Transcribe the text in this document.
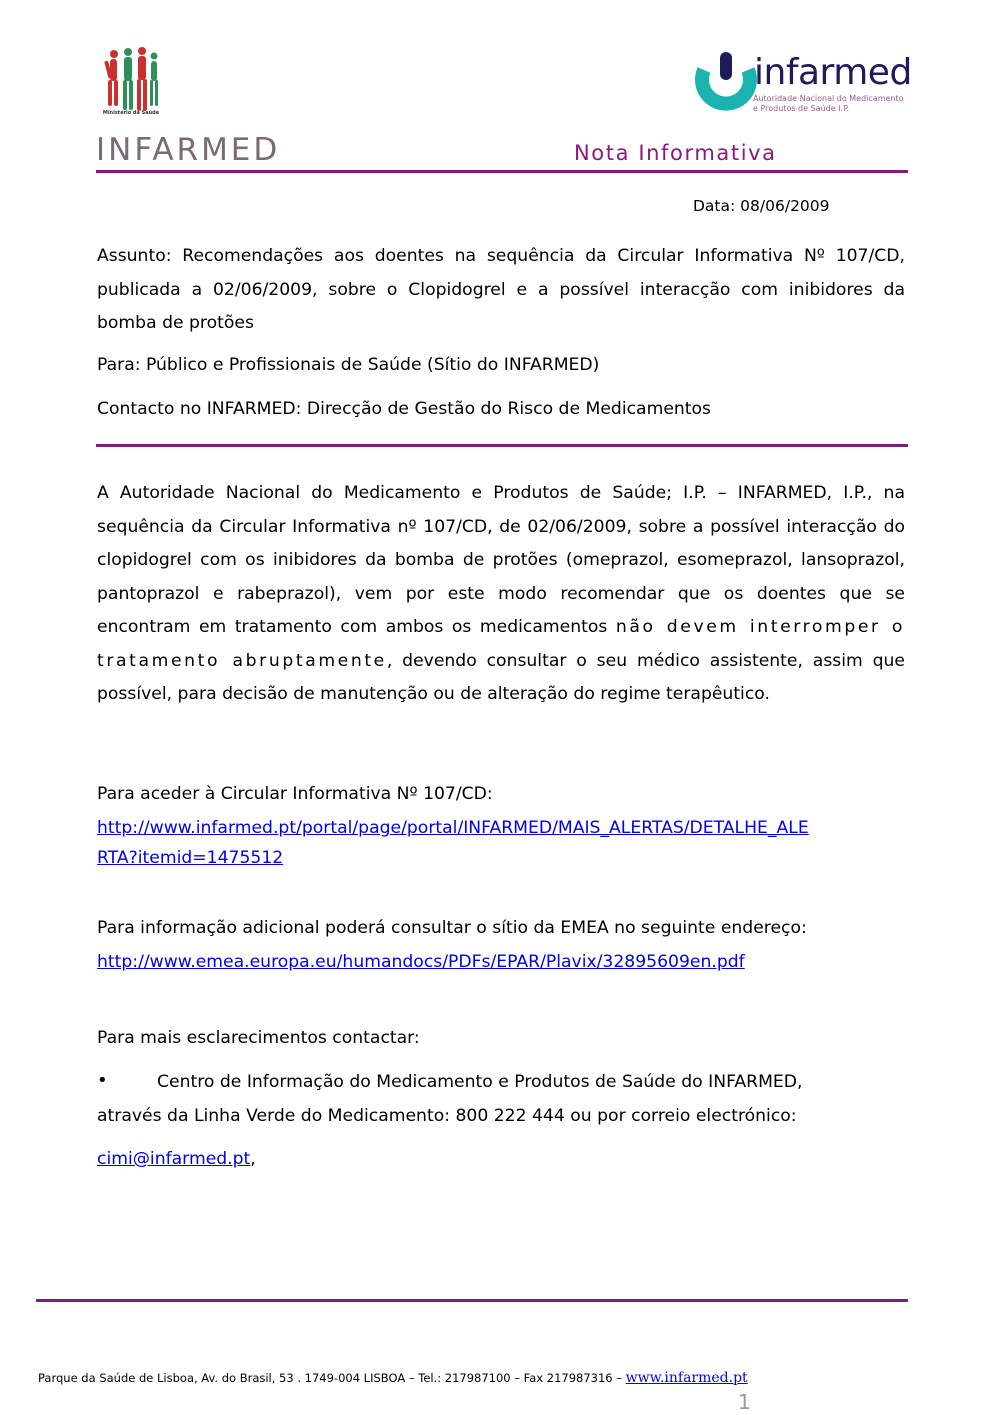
Ministério da Saúde
infarmed
Autoridade Nacional do Medicamento
e Produtos de Saúde I.P.
INFARMED	Nota Informativa
Data: 08/06/2009
Assunto: Recomendações aos doentes na sequência da Circular Informativa Nº 107/CD, publicada a 02/06/2009, sobre o Clopidogrel e a possível interacção com inibidores da bomba de protões
Para: Público e Profissionais de Saúde (Sítio do INFARMED)
Contacto no INFARMED: Direcção de Gestão do Risco de Medicamentos

A Autoridade Nacional do Medicamento e Produtos de Saúde; I.P. – INFARMED, I.P., na sequência da Circular Informativa nº 107/CD, de 02/06/2009, sobre a possível interacção do clopidogrel com os inibidores da bomba de protões (omeprazol, esomeprazol, lansoprazol, pantoprazol e rabeprazol), vem por este modo recomendar que os doentes que se encontram em tratamento com ambos os medicamentos não devem interromper o tratamento abruptamente, devendo consultar o seu médico assistente, assim que possível, para decisão de manutenção ou de alteração do regime terapêutico.

Para aceder à Circular Informativa Nº 107/CD:
http://www.infarmed.pt/portal/page/portal/INFARMED/MAIS_ALERTAS/DETALHE_ALE
RTA?itemid=1475512
Para informação adicional poderá consultar o sítio da EMEA no seguinte endereço:
http://www.emea.europa.eu/humandocs/PDFs/EPAR/Plavix/32895609en.pdf
Para mais esclarecimentos contactar:
•	Centro de Informação do Medicamento e Produtos de Saúde do INFARMED,

através da Linha Verde do Medicamento: 800 222 444 ou por correio electrónico:

cimi@infarmed.pt,
Parque da Saúde de Lisboa, Av. do Brasil, 53 . 1749-004 LISBOA – Tel.: 217987100 – Fax 217987316 – www.infarmed.pt
1
